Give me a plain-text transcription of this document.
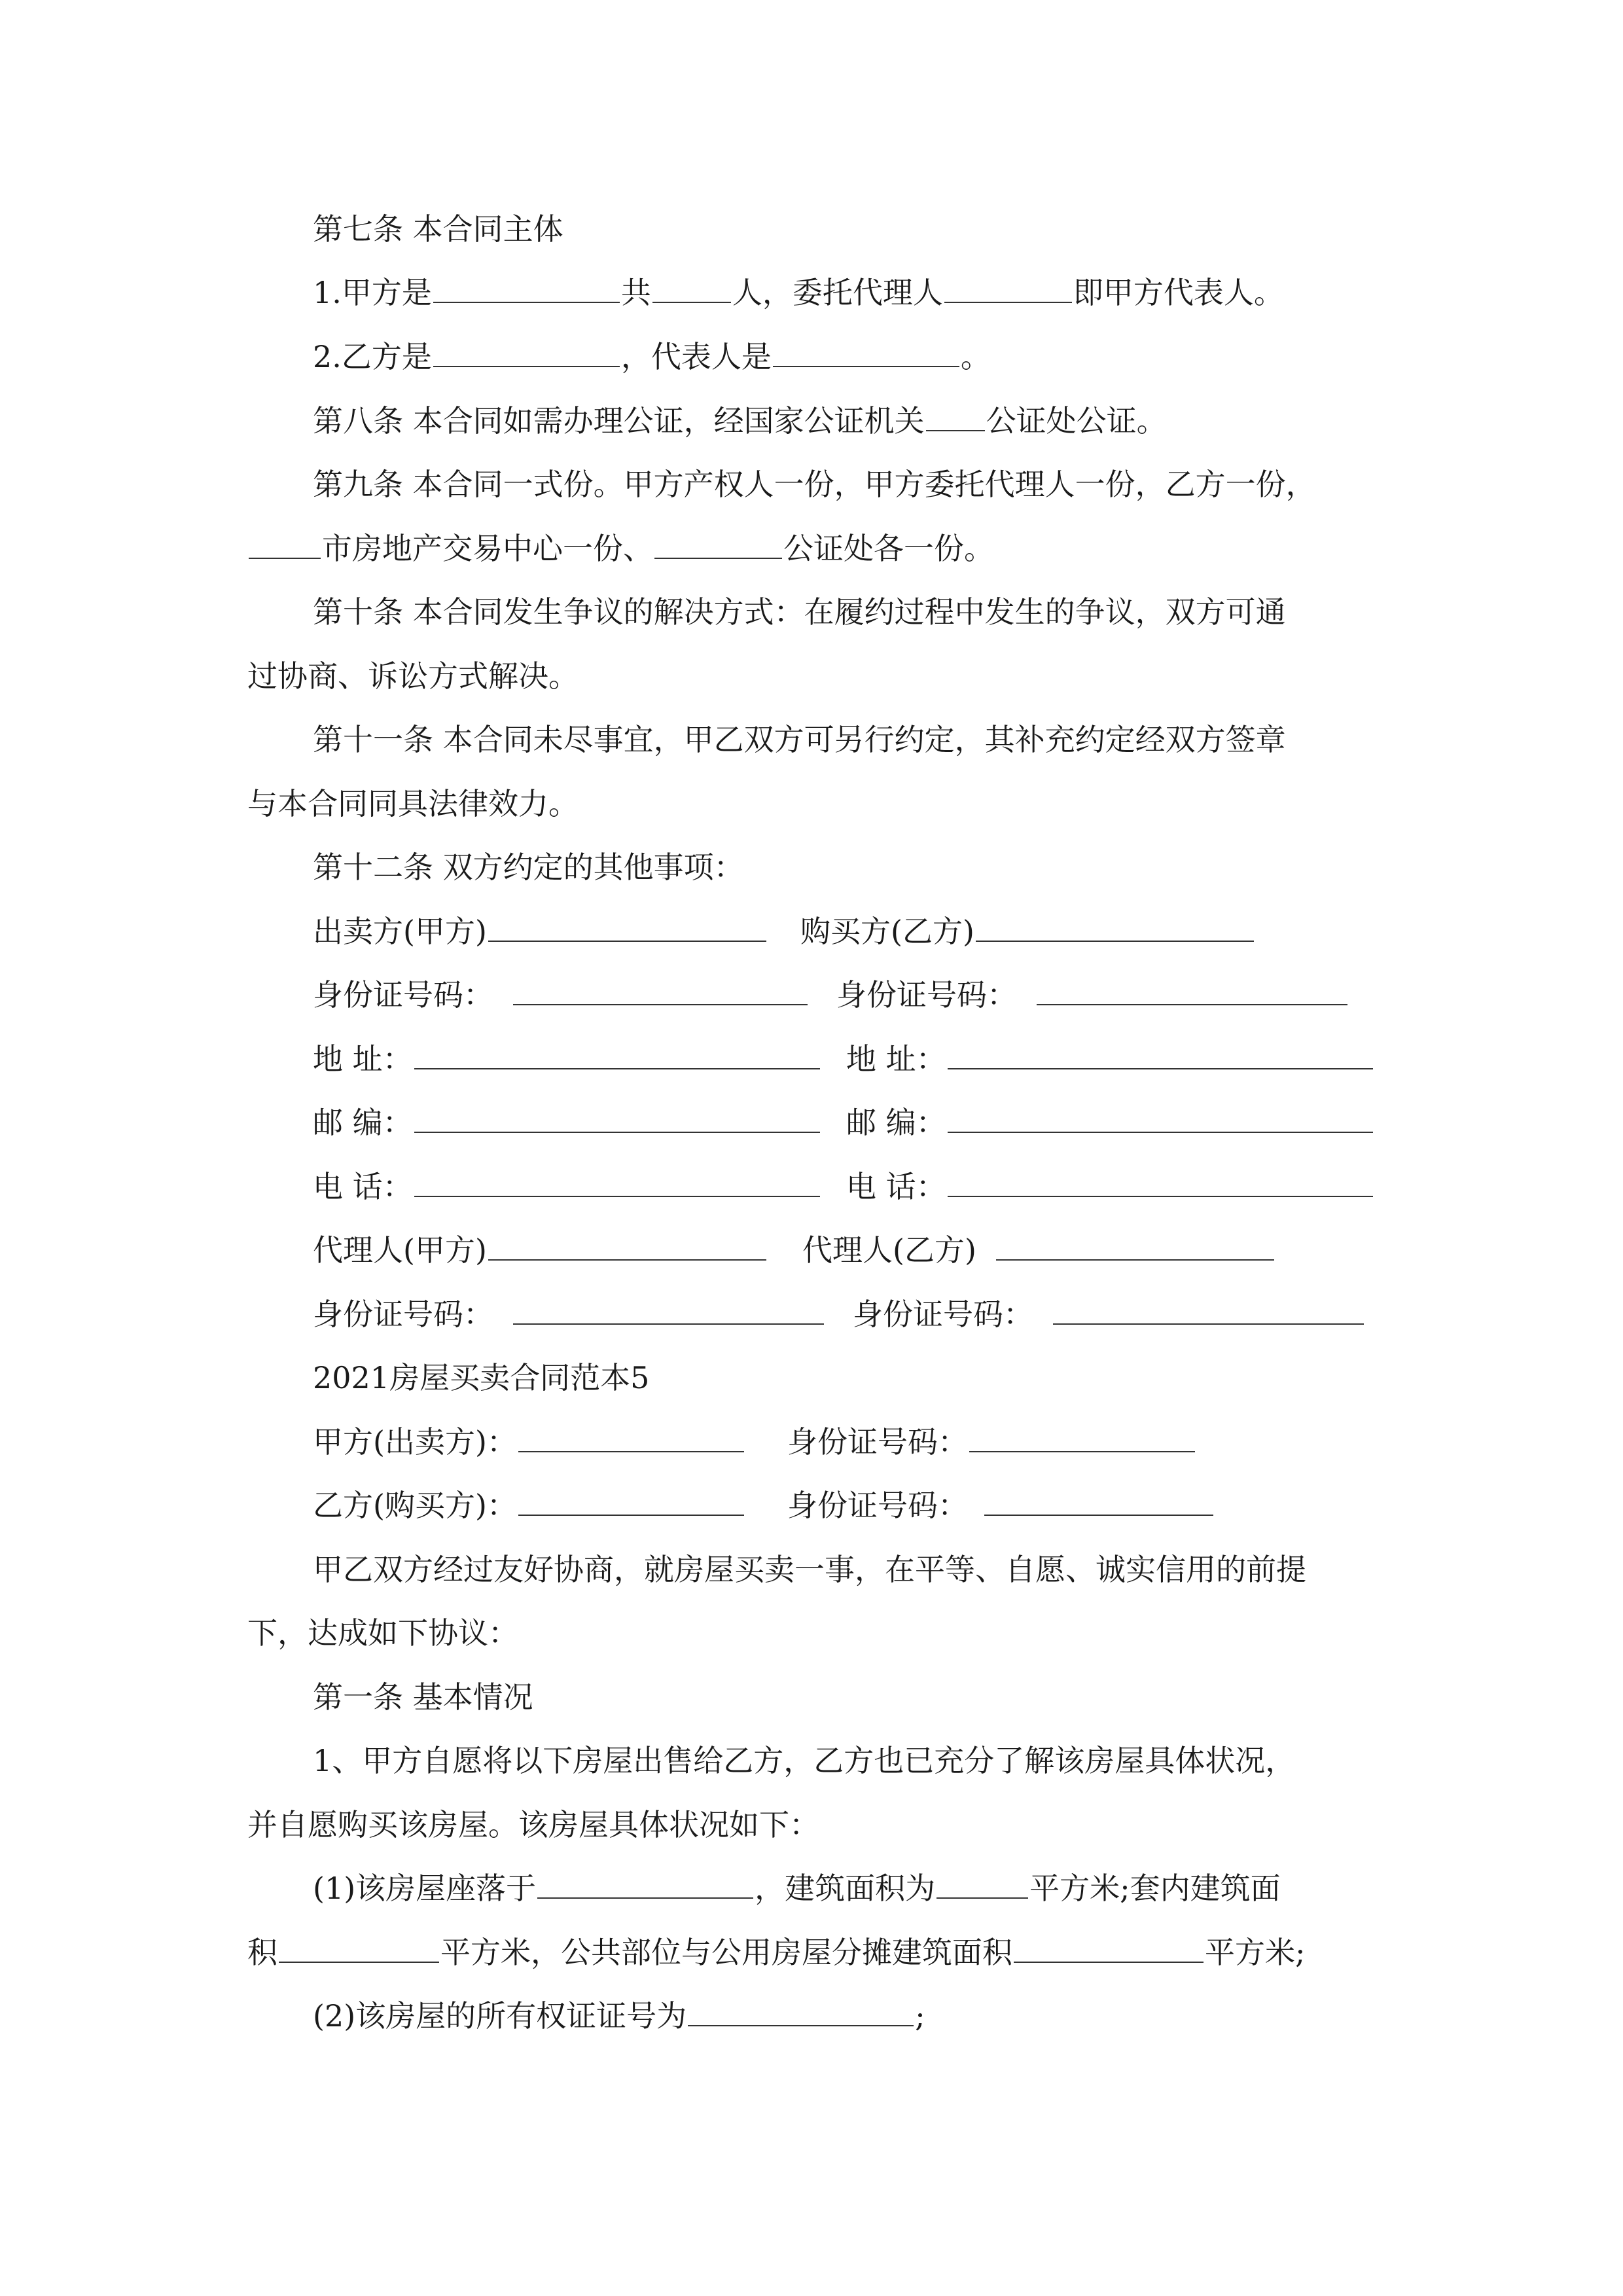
第七条 本合同主体
1.甲方是	共	人，委托代理人	即甲方代表人。
2.乙方是	，代表人是	。
第八条 本合同如需办理公证，经国家公证机关 公证处公证。
第九条 本合同一式份。甲方产权人一份，甲方委托代理人一份，乙方一份，
市房地产交易中心一份、	公证处各一份。
第十条 本合同发生争议的解决方式：在履约过程中发生的争议，双方可通
过协商、诉讼方式解决。
第十一条 本合同未尽事宜，甲乙双方可另行约定，其补充约定经双方签章
与本合同同具法律效力。
第十二条 双方约定的其他事项：
出卖方(甲方)	购买方(乙方)
身份证号码：	身份证号码：
地 址：	地 址：
邮 编：	邮 编：
电 话：	电 话：
代理人(甲方)	代理人(乙方)
身份证号码：	身份证号码：
2021房屋买卖合同范本5
甲方(出卖方)：	身份证号码：
乙方(购买方)：	身份证号码：
甲乙双方经过友好协商，就房屋买卖一事，在平等、自愿、诚实信用的前提
下，达成如下协议：
第一条 基本情况
1、甲方自愿将以下房屋出售给乙方，乙方也已充分了解该房屋具体状况，
并自愿购买该房屋。该房屋具体状况如下：
(1)该房屋座落于	，建筑面积为	平方米;套内建筑面
积	平方米，公共部位与公用房屋分摊建筑面积	平方米;
(2)该房屋的所有权证证号为	;
